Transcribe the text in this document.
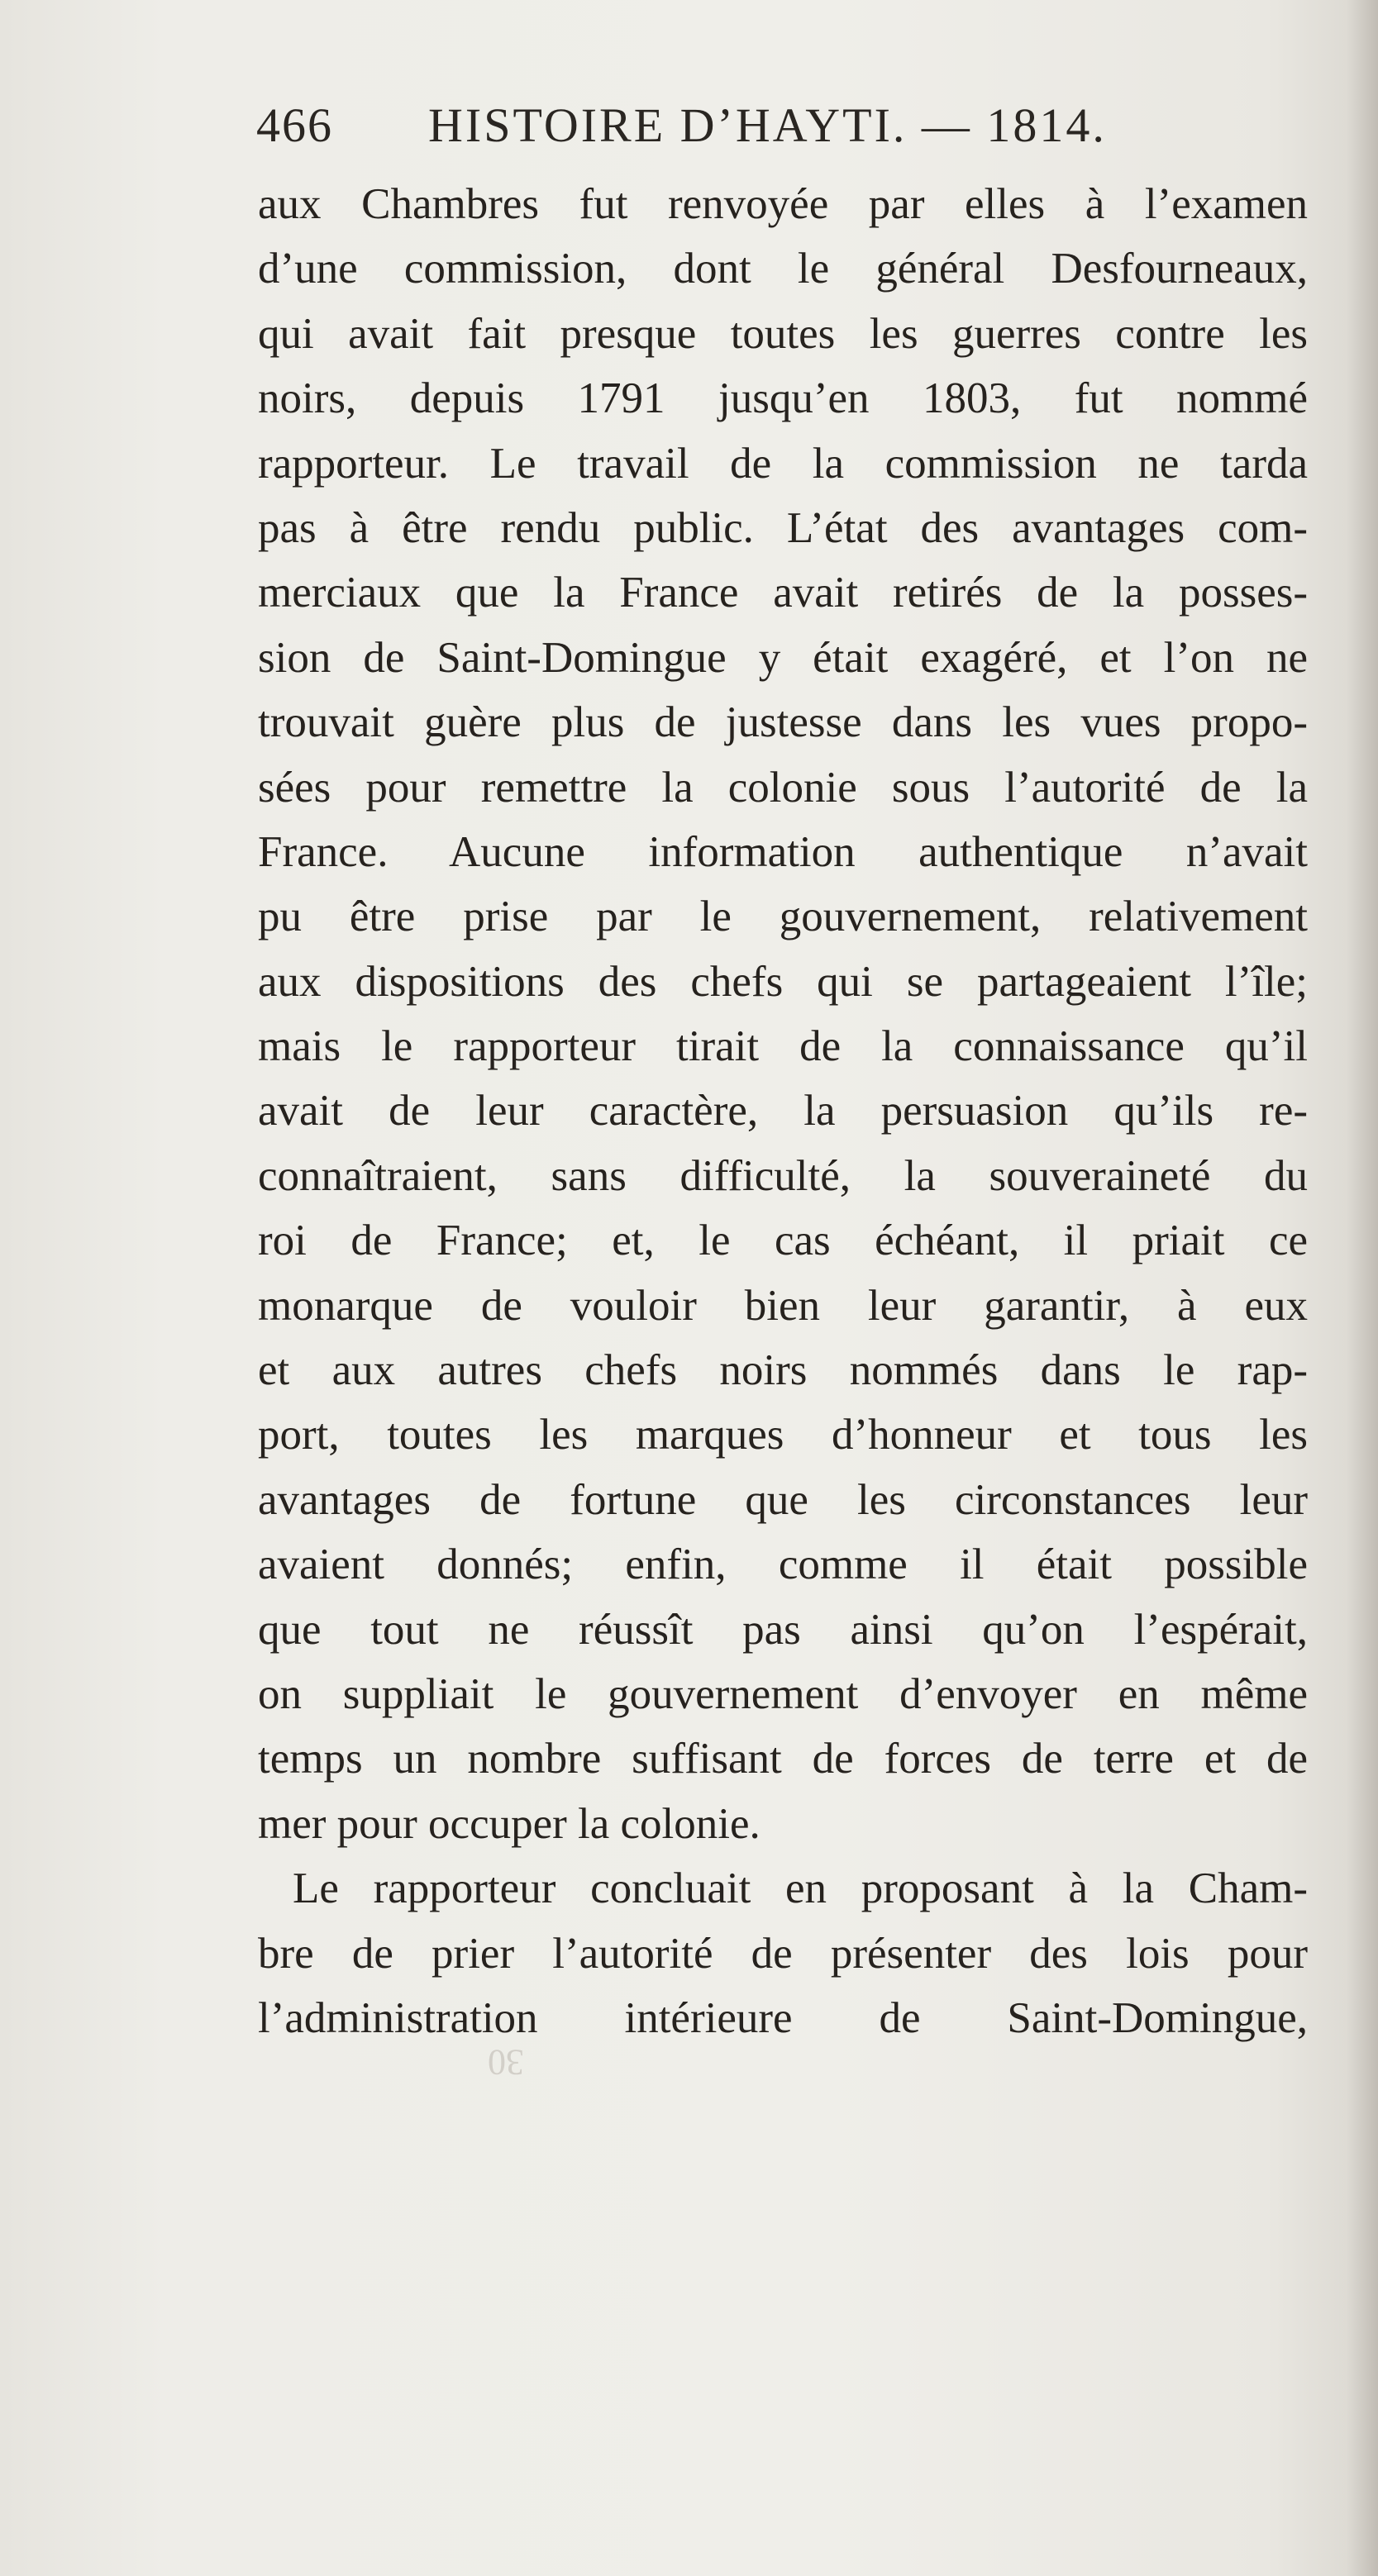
466 HISTOIRE D’HAYTI. — 1814.
aux Chambres fut renvoyée par elles à l’examen
d’une commission, dont le général Desfourneaux,
qui avait fait presque toutes les guerres contre les
noirs, depuis 1791 jusqu’en 1803, fut nommé
rapporteur. Le travail de la commission ne tarda
pas à être rendu public. L’état des avantages com-
merciaux que la France avait retirés de la posses-
sion de Saint-Domingue y était exagéré, et l’on ne
trouvait guère plus de justesse dans les vues propo-
sées pour remettre la colonie sous l’autorité de la
France. Aucune information authentique n’avait
pu être prise par le gouvernement, relativement
aux dispositions des chefs qui se partageaient l’île;
mais le rapporteur tirait de la connaissance qu’il
avait de leur caractère, la persuasion qu’ils re-
connaîtraient, sans difficulté, la souveraineté du
roi de France; et, le cas échéant, il priait ce
monarque de vouloir bien leur garantir, à eux
et aux autres chefs noirs nommés dans le rap-
port, toutes les marques d’honneur et tous les
avantages de fortune que les circonstances leur
avaient donnés; enfin, comme il était possible
que tout ne réussît pas ainsi qu’on l’espérait,
on suppliait le gouvernement d’envoyer en même
temps un nombre suffisant de forces de terre et de
mer pour occuper la colonie.
Le rapporteur concluait en proposant à la Cham-
bre de prier l’autorité de présenter des lois pour
l’administration intérieure de Saint-Domingue,
30
